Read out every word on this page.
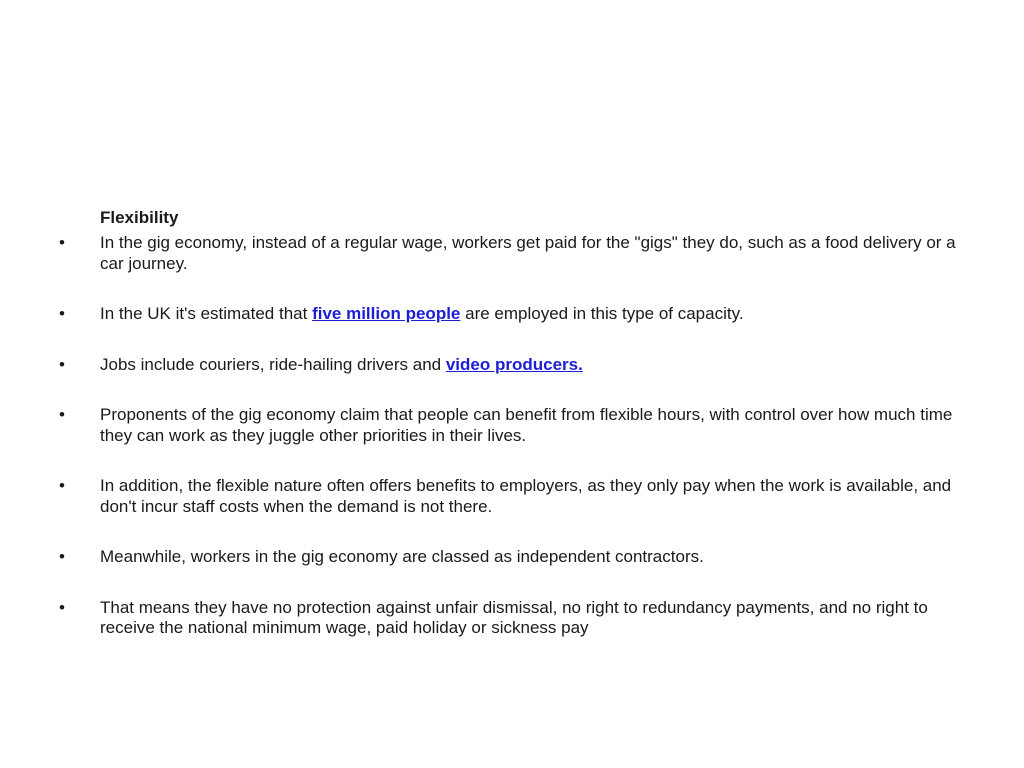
Flexibility

• In the gig economy, instead of a regular wage, workers get paid for the "gigs" they do, such as a food delivery or a car journey.
• In the UK it's estimated that five million people are employed in this type of capacity.
• Jobs include couriers, ride-hailing drivers and video producers.
• Proponents of the gig economy claim that people can benefit from flexible hours, with control over how much time they can work as they juggle other priorities in their lives.
• In addition, the flexible nature often offers benefits to employers, as they only pay when the work is available, and don't incur staff costs when the demand is not there.
• Meanwhile, workers in the gig economy are classed as independent contractors.
• That means they have no protection against unfair dismissal, no right to redundancy payments, and no right to receive the national minimum wage, paid holiday or sickness pay
